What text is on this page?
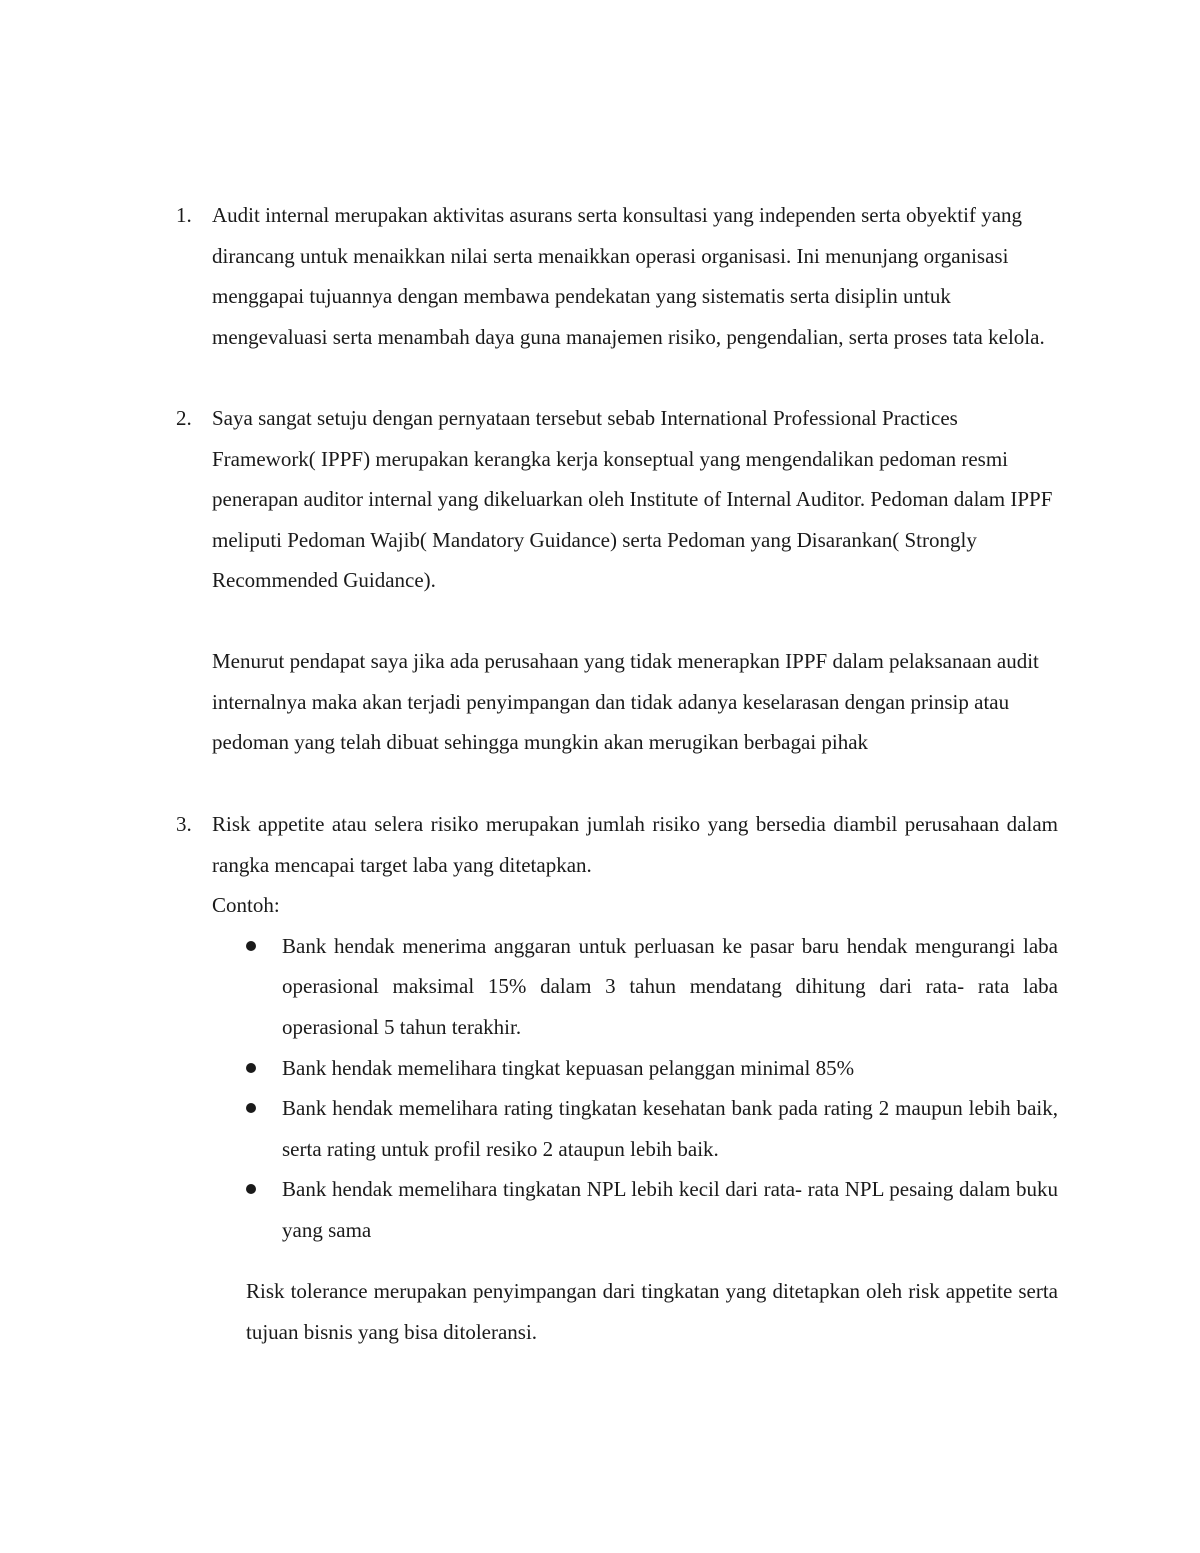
1. Audit internal merupakan aktivitas asurans serta konsultasi yang independen serta obyektif yang dirancang untuk menaikkan nilai serta menaikkan operasi organisasi. Ini menunjang organisasi menggapai tujuannya dengan membawa pendekatan yang sistematis serta disiplin untuk mengevaluasi serta menambah daya guna manajemen risiko, pengendalian, serta proses tata kelola.

2. Saya sangat setuju dengan pernyataan tersebut sebab International Professional Practices Framework( IPPF) merupakan kerangka kerja konseptual yang mengendalikan pedoman resmi penerapan auditor internal yang dikeluarkan oleh Institute of Internal Auditor. Pedoman dalam IPPF meliputi Pedoman Wajib( Mandatory Guidance) serta Pedoman yang Disarankan( Strongly Recommended Guidance).

Menurut pendapat saya jika ada perusahaan yang tidak menerapkan IPPF dalam pelaksanaan audit internalnya maka akan terjadi penyimpangan dan tidak adanya keselarasan dengan prinsip atau pedoman yang telah dibuat sehingga mungkin akan merugikan berbagai pihak

3. Risk appetite atau selera risiko merupakan jumlah risiko yang bersedia diambil perusahaan dalam rangka mencapai target laba yang ditetapkan.

Contoh:

Bank hendak menerima anggaran untuk perluasan ke pasar baru hendak mengurangi laba operasional maksimal 15% dalam 3 tahun mendatang dihitung dari rata- rata laba operasional 5 tahun terakhir.
Bank hendak memelihara tingkat kepuasan pelanggan minimal 85%
Bank hendak memelihara rating tingkatan kesehatan bank pada rating 2 maupun lebih baik, serta rating untuk profil resiko 2 ataupun lebih baik.
Bank hendak memelihara tingkatan NPL lebih kecil dari rata- rata NPL pesaing dalam buku yang sama

Risk tolerance merupakan penyimpangan dari tingkatan yang ditetapkan oleh risk appetite serta tujuan bisnis yang bisa ditoleransi.
